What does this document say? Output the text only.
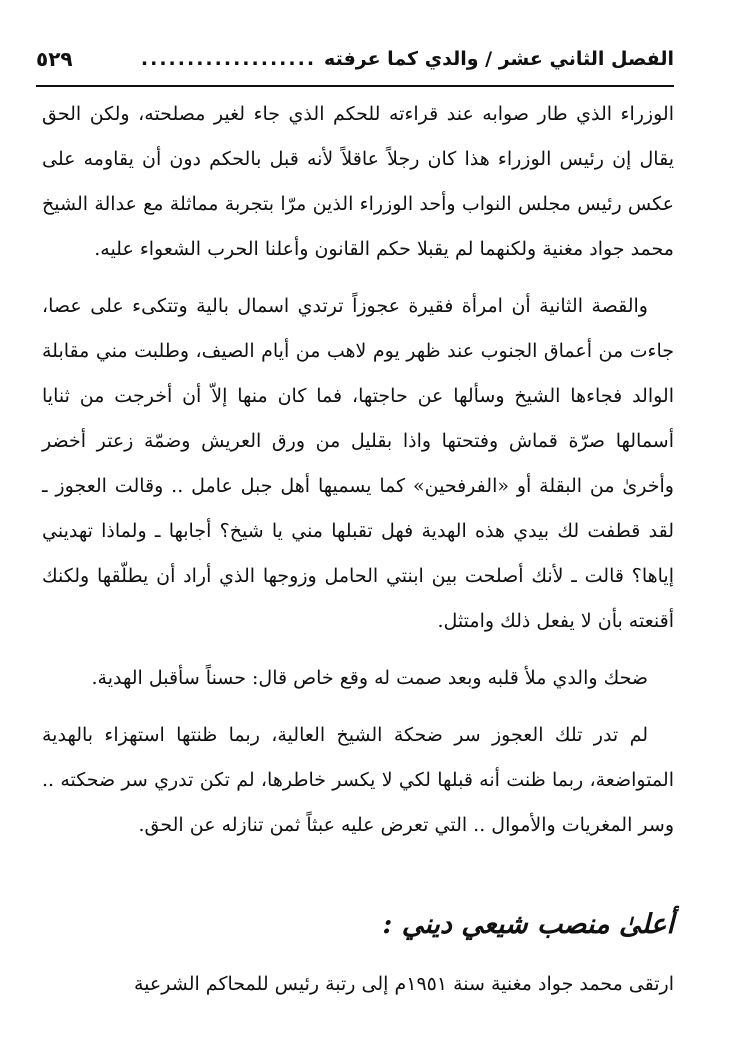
الفصل الثاني عشر / والدي كما عرفته
...................
٥٢٩

الوزراء الذي طار صوابه عند قراءته للحكم الذي جاء لغير مصلحته، ولكن الحق يقال إن رئيس الوزراء هذا كان رجلاً عاقلاً لأنه قبل بالحكم دون أن يقاومه على عكس رئيس مجلس النواب وأحد الوزراء الذين مرّا بتجربة مماثلة مع عدالة الشيخ محمد جواد مغنية ولكنهما لم يقبلا حكم القانون وأعلنا الحرب الشعواء عليه.

والقصة الثانية أن امرأة فقيرة عجوزاً ترتدي اسمال بالية وتتكىء على عصا، جاءت من أعماق الجنوب عند ظهر يوم لاهب من أيام الصيف، وطلبت مني مقابلة الوالد فجاءها الشيخ وسألها عن حاجتها، فما كان منها إلاّ أن أخرجت من ثنايا أسمالها صرّة قماش وفتحتها واذا بقليل من ورق العريش وضمّة زعتر أخضر وأخرىٰ من البقلة أو «الفرفحين» كما يسميها أهل جبل عامل .. وقالت العجوز ـ لقد قطفت لك بيدي هذه الهدية فهل تقبلها مني يا شيخ؟ أجابها ـ ولماذا تهديني إياها؟ قالت ـ لأنك أصلحت بين ابنتي الحامل وزوجها الذي أراد أن يطلّقها ولكنك أقنعته بأن لا يفعل ذلك وامتثل.

ضحك والدي ملأ قلبه وبعد صمت له وقع خاص قال: حسناً سأقبل الهدية.

لم تدر تلك العجوز سر ضحكة الشيخ العالية، ربما ظنتها استهزاء بالهدية المتواضعة، ربما ظنت أنه قبلها لكي لا يكسر خاطرها، لم تكن تدري سر ضحكته .. وسر المغريات والأموال .. التي تعرض عليه عبثاً ثمن تنازله عن الحق.

أعلىٰ منصب شيعي ديني :
ارتقى محمد جواد مغنية سنة ١٩٥١م إلى رتبة رئيس للمحاكم الشرعية
